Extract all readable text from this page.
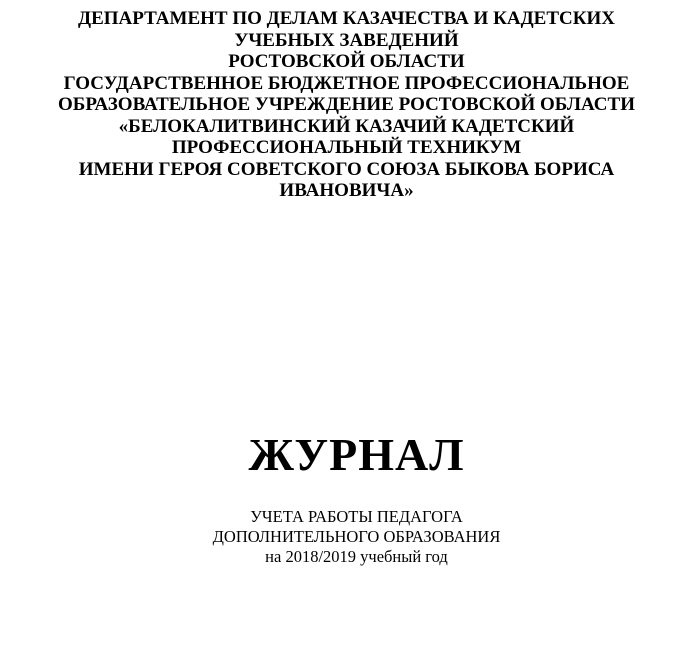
ДЕПАРТАМЕНТ ПО ДЕЛАМ КАЗАЧЕСТВА И КАДЕТСКИХ
УЧЕБНЫХ ЗАВЕДЕНИЙ
РОСТОВСКОЙ ОБЛАСТИ
ГОСУДАРСТВЕННОЕ БЮДЖЕТНОЕ ПРОФЕССИОНАЛЬНОЕ
ОБРАЗОВАТЕЛЬНОЕ УЧРЕЖДЕНИЕ РОСТОВСКОЙ ОБЛАСТИ
«БЕЛОКАЛИТВИНСКИЙ КАЗАЧИЙ КАДЕТСКИЙ
ПРОФЕССИОНАЛЬНЫЙ ТЕХНИКУМ
ИМЕНИ ГЕРОЯ СОВЕТСКОГО СОЮЗА БЫКОВА БОРИСА
ИВАНОВИЧА»
ЖУРНАЛ
УЧЕТА РАБОТЫ ПЕДАГОГА
ДОПОЛНИТЕЛЬНОГО ОБРАЗОВАНИЯ
на 2018/2019 учебный год
